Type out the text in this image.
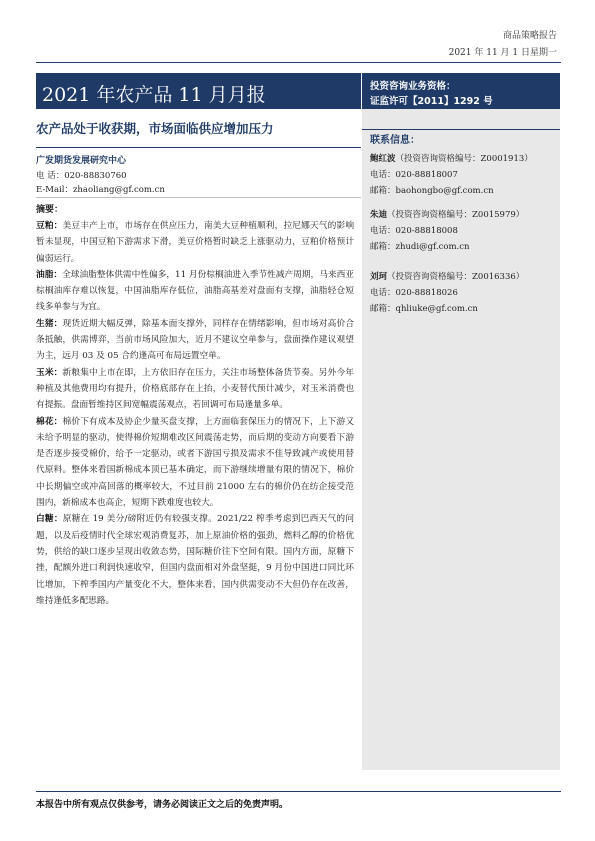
商品策略报告
2021 年 11 月 1 日星期一
2021 年农产品 11 月月报
农产品处于收获期，市场面临供应增加压力
广发期货发展研究中心
电 话：020-88830760
E-Mail：zhaoliang@gf.com.cn
摘要：

豆粕：美豆丰产上市，市场存在供应压力，南美大豆种植顺利，拉尼娜天气的影响暂未显现，中国豆粕下游需求下滑，美豆价格暂时缺乏上涨驱动力，豆粕价格预计偏弱运行。

油脂：全球油脂整体供需中性偏多，11 月份棕榈油进入季节性减产周期，马来西亚棕榈油库存难以恢复，中国油脂库存低位，油脂高基差对盘面有支撑，油脂轻仓短线多单参与为宜。

生猪：现货近期大幅反弹，除基本面支撑外，同样存在情绪影响，但市场对高价合条抵触，供需博弈，当前市场风险加大，近月不建议空单参与，盘面操作建议观望为主，远月 03 及 05 合约逢高可布局远置空单。

玉米：新粮集中上市在即，上方依旧存在压力，关注市场整体备货节奏。另外今年种植及其他费用均有提升，价格底部存在上抬，小麦替代预计减少，对玉米消费也有提振。盘面暂维持区间宽幅震荡观点，若回调可布局逢量多单。

棉花：棉价下有成本及协企少量买盘支撑，上方面临套保压力的情况下，上下游又未给予明显的驱动，使得棉价短期难改区间震荡走势，而后期的变动方向要看下游是否逐步接受棉价，给予一定驱动，或者下游国亏损及需求不佳导致减产或使用替代原料。整体来看国新棉成本顶已基本确定，而下游继续增量有限的情况下，棉价中长期偏空或冲高回落的概率较大，不过目前 21000 左右的棉价仍在纺企接受范围内，新棉成本也高企，短期下跌难度也较大。

白糖：原糖在 19 美分/磅附近仍有较强支撑。2021/22 榨季考虑到巴西天气的问题，以及后疫情时代全球宏观消费复苏，加上原油价格的强劲，燃料乙醇的价格优势，供给的缺口逐步呈现出收敛态势，国际糖价往下空间有限。国内方面，原糖下挫，配额外进口利润快速收窄，但国内盘面相对外盘坚挺，9 月份中国进口同比环比增加，下榨季国内产量变化不大，整体来看，国内供需变动不大但仍存在改善，维持逢低多配思路。

投资咨询业务资格：
证监许可【2011】1292 号
联系信息：
鲍红波（投资咨询资格编号：Z0001913）
电话：020-88818007
邮箱：baohongbo@gf.com.cn
朱迪（投资咨询资格编号：Z0015979）
电话：020-88818008
邮箱：zhudi@gf.com.cn
刘珂（投资咨询资格编号：Z0016336）
电话：020-88818026
邮箱：qhliuke@gf.com.cn
本报告中所有观点仅供参考，请务必阅读正文之后的免责声明。
